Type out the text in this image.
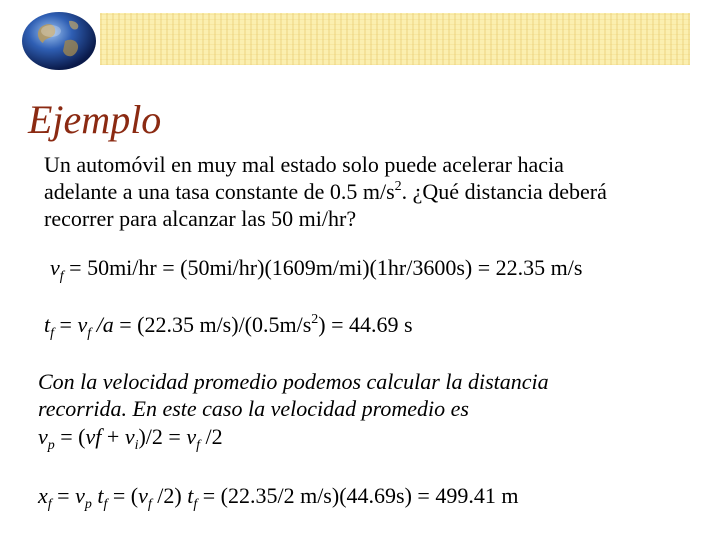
Ejemplo
Un automóvil en muy mal estado solo puede acelerar hacia
adelante a una tasa constante de 0.5 $m/s^2$. ¿Qué distancia deberá
recorrer para alcanzar las 50 mi/hr?
$v_f = 50mi/hr = (50mi/hr)(1609m/mi)(1hr/3600s) = 22.35$ m/s
$t_f = v_f$ /a = (22.35 $m/s)/(0.5m/s^2) = 44.69$ s
Con la velocidad promedio podemos calcular la distancia
recorrida. En este caso la velocidad promedio es
$v_p = (vf + v_i)/2 = v_f$ /2
$x_f = v_p$ $t_f = (v_f$ /2) $t_f = (22.35/2$ m/s)(44.69s) = 499.41 m
